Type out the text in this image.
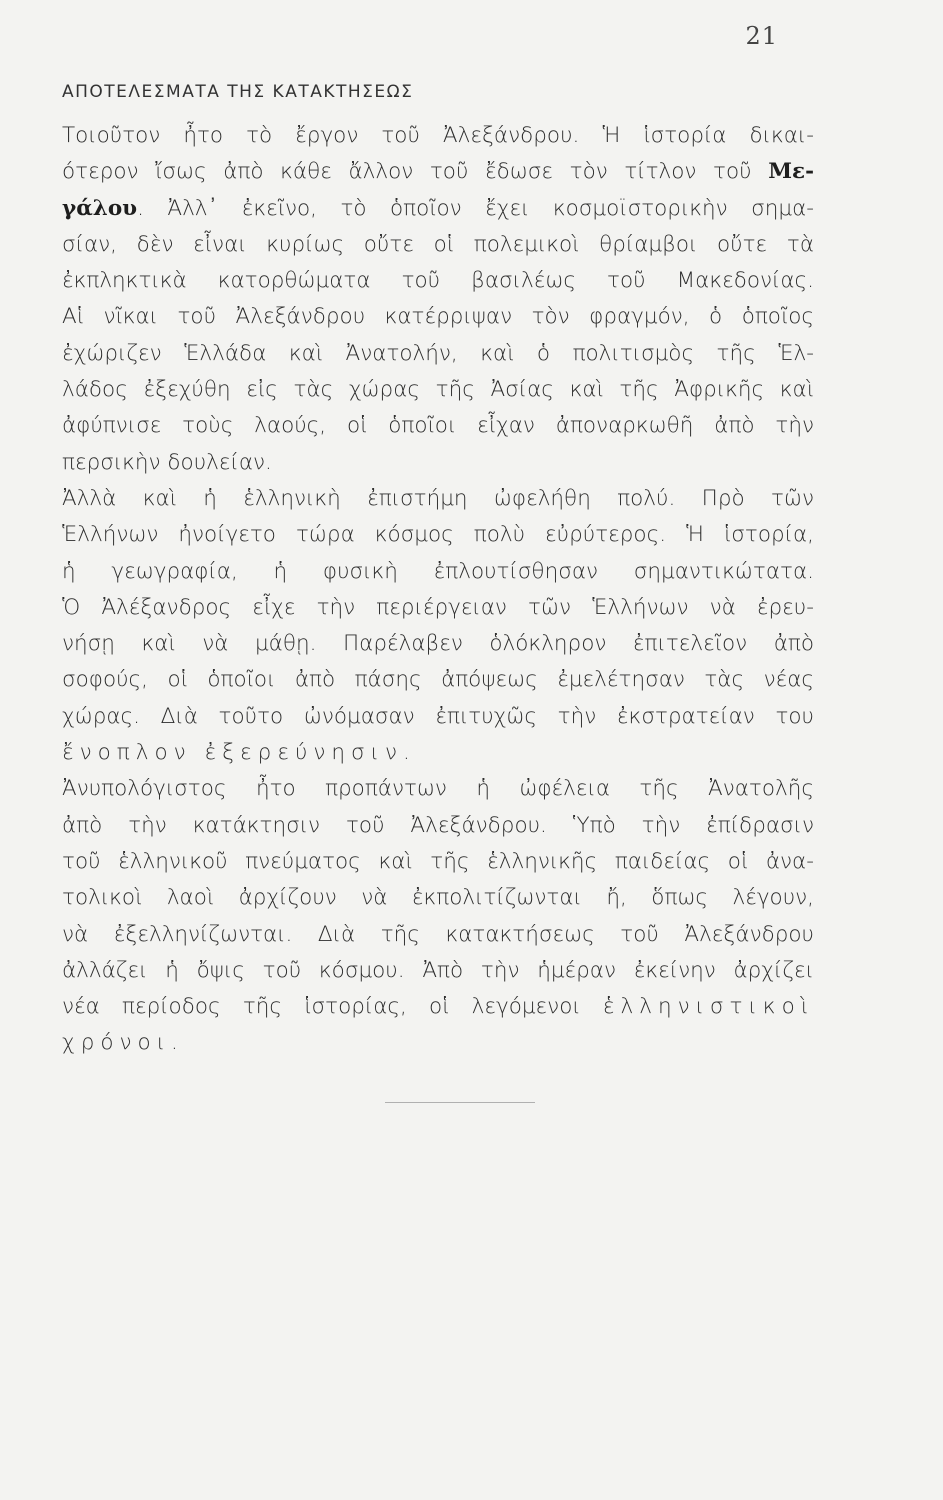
21
ΑΠΟΤΕΛΕΣΜΑΤΑ ΤΗΣ ΚΑΤΑΚΤΗΣΕΩΣ
Τοιοῦτον ἦτο τὸ ἔργον τοῦ Ἀλεξάνδρου. Ἡ ἱστορία δικαι-
ότερον ἴσως ἀπὸ κάθε ἄλλον τοῦ ἔδωσε τὸν τίτλον τοῦ Με-
γάλου. Ἀλλ᾿ ἐκεῖνο, τὸ ὁποῖον ἔχει κοσμοϊστορικὴν σημα-
σίαν, δὲν εἶναι κυρίως οὔτε οἱ πολεμικοὶ θρίαμβοι οὔτε τὰ
ἐκπληκτικὰ κατορθώματα τοῦ βασιλέως τοῦ Μακεδονίας.
Αἱ νῖκαι τοῦ Ἀλεξάνδρου κατέρριψαν τὸν φραγμόν, ὁ ὁποῖος
ἐχώριζεν Ἑλλάδα καὶ Ἀνατολήν, καὶ ὁ πολιτισμὸς τῆς Ἑλ-
λάδος ἐξεχύθη εἰς τὰς χώρας τῆς Ἀσίας καὶ τῆς Ἀφρικῆς καὶ
ἀφύπνισε τοὺς λαούς, οἱ ὁποῖοι εἶχαν ἀποναρκωθῆ ἀπὸ τὴν
περσικὴν δουλείαν.
Ἀλλὰ καὶ ἡ ἑλληνικὴ ἐπιστήμη ὠφελήθη πολύ. Πρὸ τῶν
Ἑλλήνων ἠνοίγετο τώρα κόσμος πολὺ εὐρύτερος. Ἡ ἱστορία,
ἡ γεωγραφία, ἡ φυσικὴ ἐπλουτίσθησαν σημαντικώτατα.
Ὁ Ἀλέξανδρος εἶχε τὴν περιέργειαν τῶν Ἑλλήνων νὰ ἐρευ-
νήσῃ καὶ νὰ μάθῃ. Παρέλαβεν ὁλόκληρον ἐπιτελεῖον ἀπὸ
σοφούς, οἱ ὁποῖοι ἀπὸ πάσης ἀπόψεως ἐμελέτησαν τὰς νέας
χώρας. Διὰ τοῦτο ὠνόμασαν ἐπιτυχῶς τὴν ἐκστρατείαν του
ἔνοπλον ἐξερεύνησιν.
Ἀνυπολόγιστος ἦτο προπάντων ἡ ὠφέλεια τῆς Ἀνατολῆς
ἀπὸ τὴν κατάκτησιν τοῦ Ἀλεξάνδρου. Ὑπὸ τὴν ἐπίδρασιν
τοῦ ἑλληνικοῦ πνεύματος καὶ τῆς ἑλληνικῆς παιδείας οἱ ἀνα-
τολικοὶ λαοὶ ἀρχίζουν νὰ ἐκπολιτίζωνται ἤ, ὅπως λέγουν,
νὰ ἐξελληνίζωνται. Διὰ τῆς κατακτήσεως τοῦ Ἀλεξάνδρου
ἀλλάζει ἡ ὄψις τοῦ κόσμου. Ἀπὸ τὴν ἡμέραν ἐκείνην ἀρχίζει
νέα περίοδος τῆς ἱστορίας, οἱ λεγόμενοι ἑλληνιστικοὶ
χρόνοι.
